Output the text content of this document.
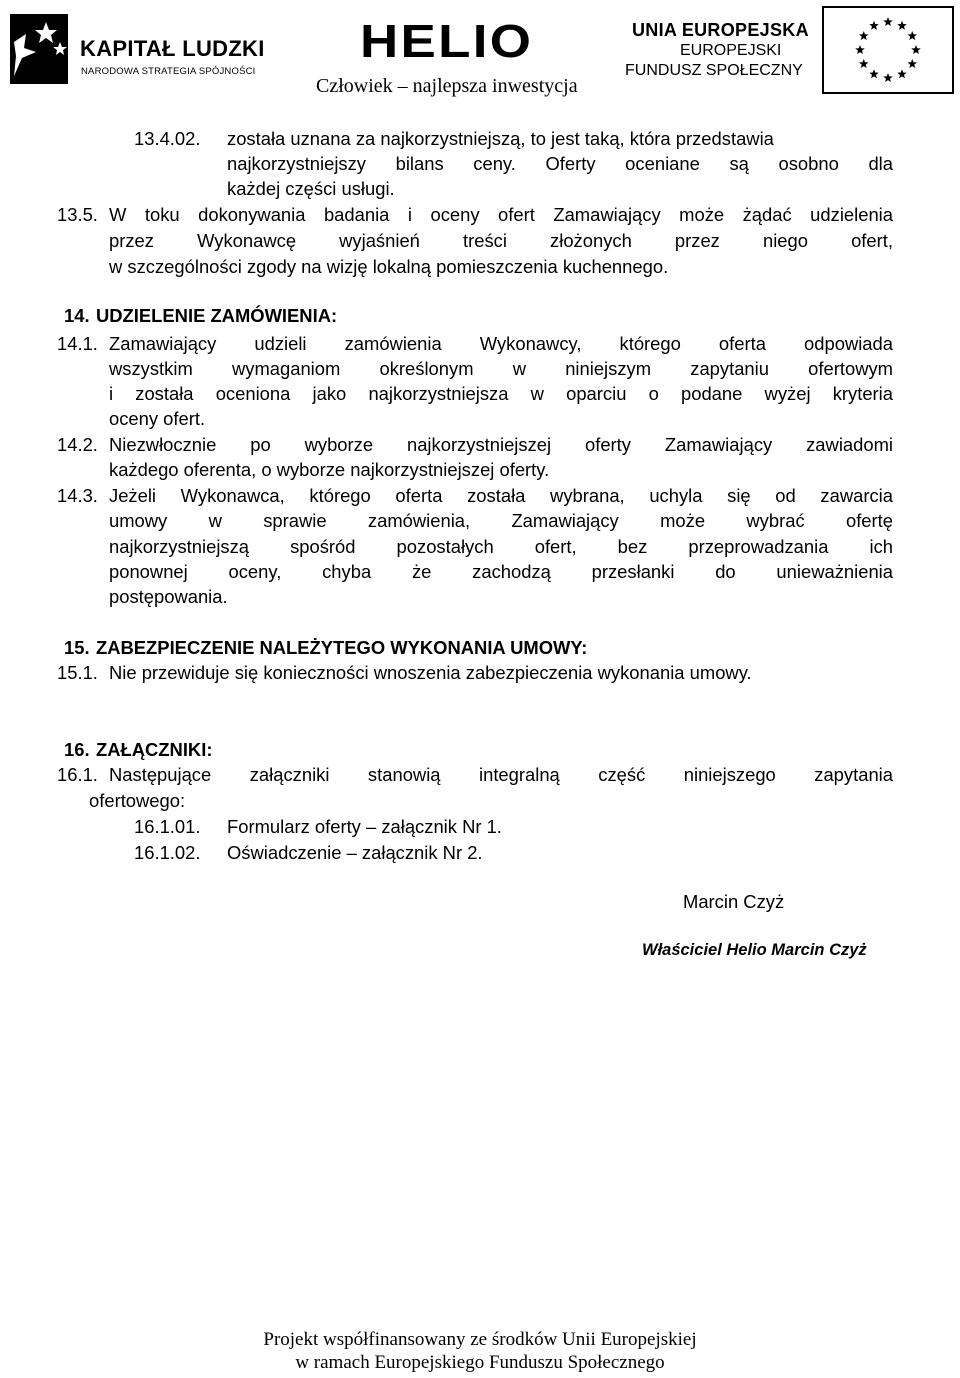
KAPITAŁ LUDZKI
NARODOWA STRATEGIA SPÓJNOŚCI
HELIO
Człowiek – najlepsza inwestycja
UNIA EUROPEJSKA
EUROPEJSKI
FUNDUSZ SPOŁECZNY
13.4.02. została uznana za najkorzystniejszą, to jest taką, która przedstawia
najkorzystniejszy bilans ceny. Oferty oceniane są osobno dla
każdej części usługi.
13.5. W toku dokonywania badania i oceny ofert Zamawiający może żądać udzielenia
przez Wykonawcę wyjaśnień treści złożonych przez niego ofert,
w szczególności zgody na wizję lokalną pomieszczenia kuchennego.
14. UDZIELENIE ZAMÓWIENIA:
14.1. Zamawiający udzieli zamówienia Wykonawcy, którego oferta odpowiada
wszystkim wymaganiom określonym w niniejszym zapytaniu ofertowym
i została oceniona jako najkorzystniejsza w oparciu o podane wyżej kryteria
oceny ofert.
14.2. Niezwłocznie po wyborze najkorzystniejszej oferty Zamawiający zawiadomi
każdego oferenta, o wyborze najkorzystniejszej oferty.
14.3. Jeżeli Wykonawca, którego oferta została wybrana, uchyla się od zawarcia
umowy w sprawie zamówienia, Zamawiający może wybrać ofertę
najkorzystniejszą spośród pozostałych ofert, bez przeprowadzania ich
ponownej oceny, chyba że zachodzą przesłanki do unieważnienia
postępowania.
15. ZABEZPIECZENIE NALEŻYTEGO WYKONANIA UMOWY:
15.1. Nie przewiduje się konieczności wnoszenia zabezpieczenia wykonania umowy.
16. ZAŁĄCZNIKI:
16.1. Następujące załączniki stanowią integralną część niniejszego zapytania
ofertowego:
16.1.01. Formularz oferty – załącznik Nr 1.
16.1.02. Oświadczenie – załącznik Nr 2.
Marcin Czyż
Właściciel Helio Marcin Czyż
Projekt współfinansowany ze środków Unii Europejskiej
w ramach Europejskiego Funduszu Społecznego
